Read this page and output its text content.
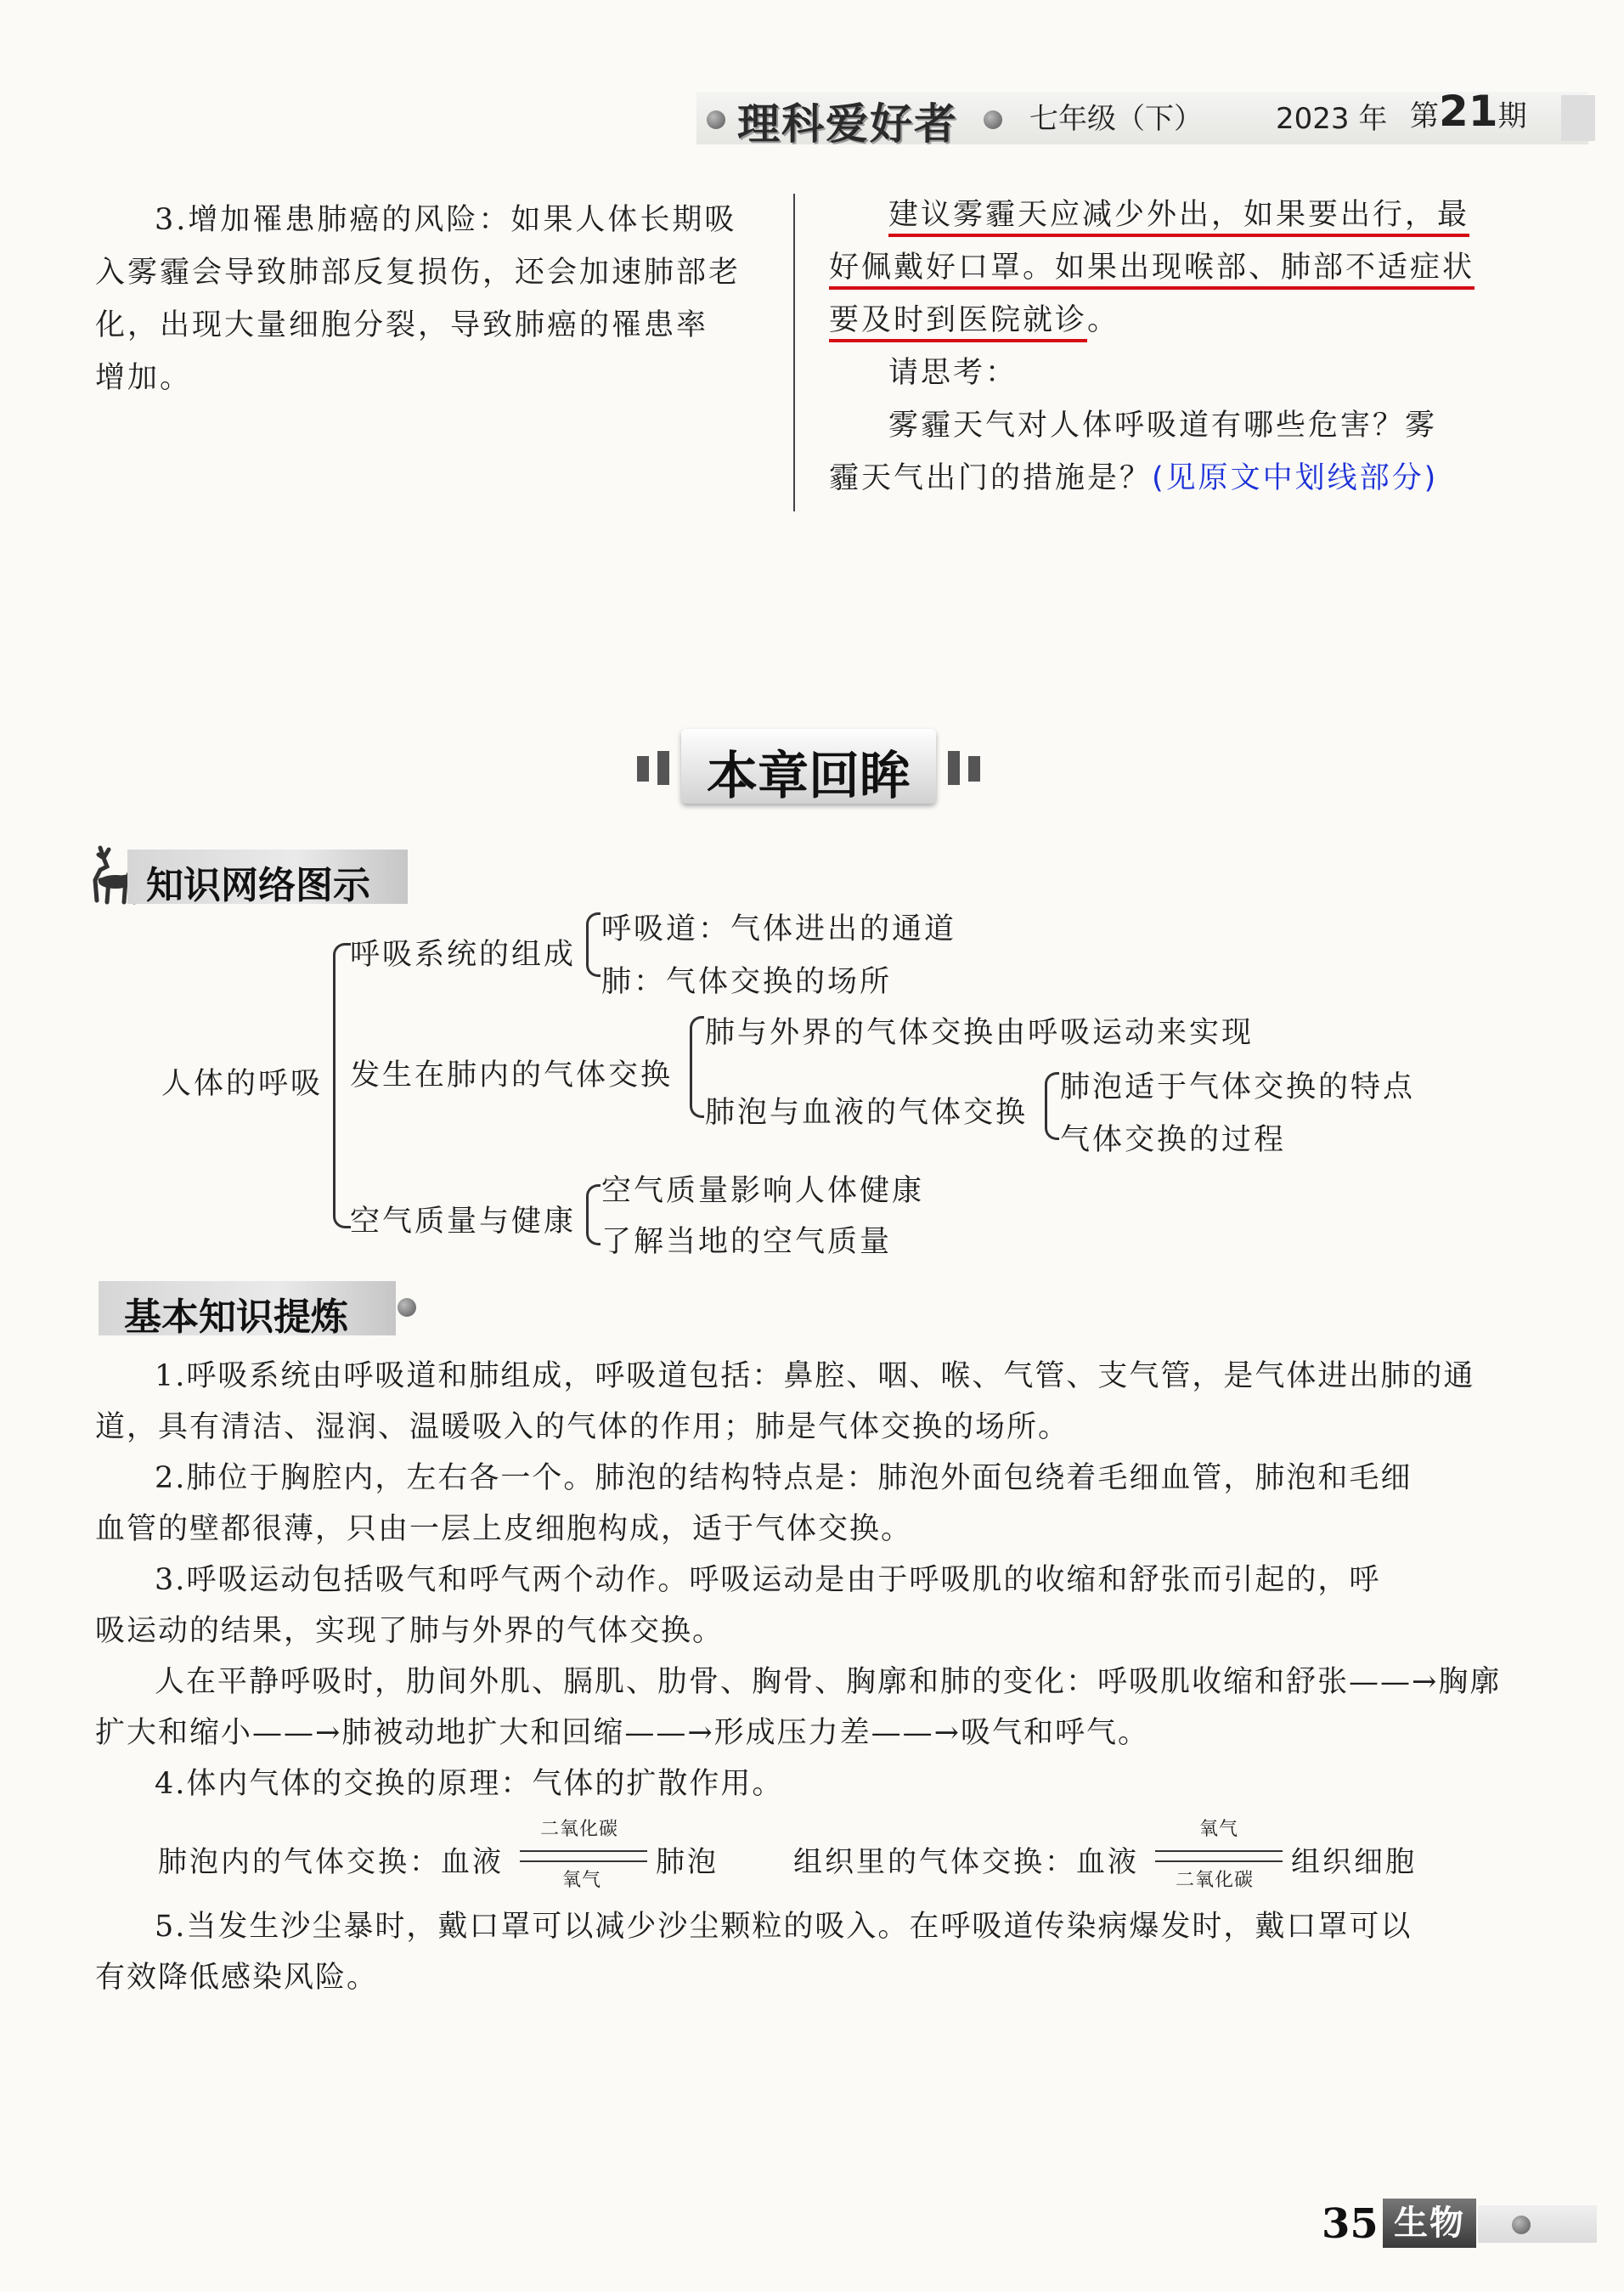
理科爱好者 七年级（下）	2023 年 第21期
3.增加罹患肺癌的风险：如果人体长期吸
入雾霾会导致肺部反复损伤，还会加速肺部老
化，出现大量细胞分裂，导致肺癌的罹患率
增加。
建议雾霾天应减少外出，如果要出行，最
好佩戴好口罩。如果出现喉部、肺部不适症状
要及时到医院就诊。
请思考：
雾霾天气对人体呼吸道有哪些危害？雾
霾天气出门的措施是？(见原文中划线部分)
本章回眸
知识网络图示
人体的呼吸
呼吸系统的组成
呼吸道：气体进出的通道
肺：气体交换的场所
发生在肺内的气体交换
肺与外界的气体交换由呼吸运动来实现
肺泡与血液的气体交换
肺泡适于气体交换的特点
气体交换的过程
空气质量与健康
空气质量影响人体健康
了解当地的空气质量
基本知识提炼
1.呼吸系统由呼吸道和肺组成，呼吸道包括：鼻腔、咽、喉、气管、支气管，是气体进出肺的通
道，具有清洁、湿润、温暖吸入的气体的作用；肺是气体交换的场所。
2.肺位于胸腔内，左右各一个。肺泡的结构特点是：肺泡外面包绕着毛细血管，肺泡和毛细
血管的壁都很薄，只由一层上皮细胞构成，适于气体交换。
3.呼吸运动包括吸气和呼气两个动作。呼吸运动是由于呼吸肌的收缩和舒张而引起的，呼
吸运动的结果，实现了肺与外界的气体交换。
人在平静呼吸时，肋间外肌、膈肌、肋骨、胸骨、胸廓和肺的变化：呼吸肌收缩和舒张——→胸廓
扩大和缩小——→肺被动地扩大和回缩——→形成压力差——→吸气和呼气。
4.体内气体的交换的原理：气体的扩散作用。
肺泡内的气体交换：血液
二氧化碳
氧气
肺泡	组织里的气体交换：血液
氧气
二氧化碳
组织细胞
5.当发生沙尘暴时，戴口罩可以减少沙尘颗粒的吸入。在呼吸道传染病爆发时，戴口罩可以
有效降低感染风险。
35 生物
